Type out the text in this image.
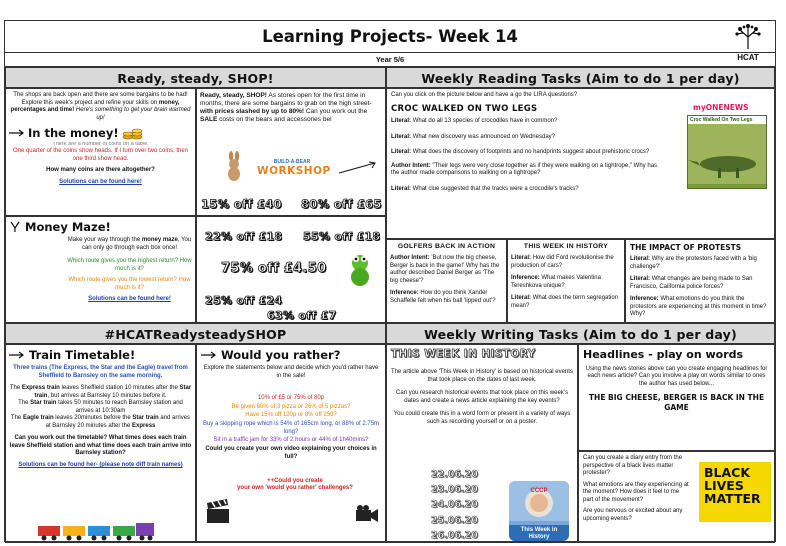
Learning Projects- Week 14
HCAT
Year 5/6
Ready, steady, SHOP!	Weekly Reading Tasks (Aim to do 1 per day)
The shops are back open and there are some bargains to be had! Explore this week's project and refine your skills on money, percentages and time! Here's something to get your brain warmed up!
In the money!
There are a number of coins on a table.
One quarter of the coins show heads. If I turn over two coins, then one third show head.
How many coins are there altogether?
Solutions can be found here!
Ready, steady, SHOP! As stores open for the first time in months, there are some bargains to grab on the high street- with prices slashed by up to 80%! Can you work out the SALE costs on the bears and accessories bel
BUILD-A-BEAR
WORKSHOP
15% off £40 80% off £65
Can you click on the picture below and have a go the LIRA questions?
CROC WALKED ON TWO LEGS
Literal: What do all 13 species of crocodiles have in common?
Literal: What new discovery was announced on Wednesday?
Literal: What does the discovery of footprints and no handprints suggest about prehistoric crocs?
Author Intent: "Their legs were very close together as if they were walking on a tightrope," Why has the author made comparisons to walking on a tightrope?
Literal: What clue suggested that the tracks were a crocodile's tracks?
myONENEWS
Croc Walked On Two Legs
Money Maze!
Make your way through the money maze, You can only go through each box once!
Which route gives you the highest return? How much is it?
Which route gives you the lowest return? How much is it?
Solutions can be found here!
22% off £18 55% off £18
75% off £4.50
25% off £24
63% off £7
GOLFERS BACK IN ACTION
Author Intent: 'But now the big cheese, Berger is back in the game!' Why has the author described Daniel Berger as 'The big cheese'?
Inference: How do you think Xander Schaffelle felt when his ball 'lipped out'?
THIS WEEK IN HISTORY
Literal: How did Ford revolutionise the production of cars?
Inference: What makes Valentina Tereshkova unique?
Literal: What does the term segregation mean?
THE IMPACT OF PROTESTS
Literal: Why are the protestors faced with a 'big challenge?'
Literal: What changes are being made to San Francisco, California police forces?
Inference: What emotions do you think the protestors are experiencing at this moment in time? Why?
#HCATReadysteadySHOP	Weekly Writing Tasks (Aim to do 1 per day)
Train Timetable!
Three trains (The Express, the Star and the Eagle) travel from Sheffield to Barnsley on the same morning.
The Express train leaves Sheffield station 10 minutes after the Star train, but arrives at Barnsley 10 minutes before it.
The Star train takes 50 minutes to reach Barnsley station and arrives at 10:30am
The Eagle train leaves 20minutes before the Star train and arrives at Barnsley 20 minutes after the Express
Can you work out the timetable? What times does each train leave Sheffield station and what time does each train arrive into Barnsley station?
Solutions can be found her- (please note diff train names)
Would you rather?
Explore the statements below and decide which you'd rather have in the sale!
10% of £5 or 75% of 80p
Be given 60% of 3 pizza or 26% of 5 pizzas?
Have 15% off 120p or 8% off 250?
Buy a skipping rope which is 54% of 165cm long, or 88% of 2.75m long?
Sit in a traffic jam for 33% of 2 hours or 44% of 1h40mins?
Could you create your own video explaining your choices in full?
++Could you create
your own 'would you rather' challenges?
THIS WEEK IN HISTORY
The article above 'This Week in History' is based on historical events that took place on the dates of last week.
Can you research historical events that took place on this week's dates and create a news article explaining the key events?
You could create this in a word form or present in a variety of ways such as recording yourself or on a poster.
22.06.20
23.06.20
24.06.20
25.06.20
26.06.20
CCCP
This Week in History
Headlines - play on words
Using the news stories above can you create engaging headlines for each news article? Can you involve a play on words similar to ones the author has used below...
THE BIG CHEESE, BERGER IS BACK IN THE GAME
Can you create a diary entry from the perspective of a black lives matter protester?
What emotions are they experiencing at the moment? How does it feel to me part of the movement?
Are you nervous or excited about any upcoming events?
BLACK
LIVES
MATTER
